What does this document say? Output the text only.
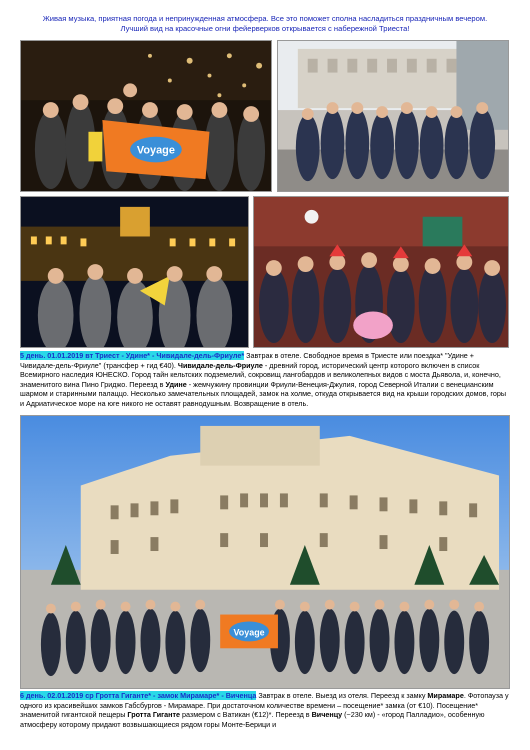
Живая музыка, приятная погода и непринужденная атмосфера. Все это поможет сполна насладиться праздничным вечером.
Лучший вид на красочные огни фейерверков открывается с набережной Триеста!
Voyage
5 день. 01.01.2019 вт Триест - Удине* - Чивидале-дель-Фриуле* Завтрак в отеле. Свободное время в Триесте или поездка* "Удине + Чивидале-дель-Фриуле" (трансфер + гид €40). Чивидале-дель-Фриуле - древний город, исторический центр которого включен в список Всемирного наследия ЮНЕСКО. Город тайн кельтских подземелий, сокровищ лангобардов и великолепных видов с моста Дьявола, и, конечно, знаменитого вина Пино Гриджо. Переезд в Удине - жемчужину провинции Фриули-Венеция-Джулия, город Северной Италии с венецианским шармом и старинными палаццо. Несколько замечательных площадей, замок на холме, откуда открывается вид на крыши городских домов, горы и Адриатическое море на юге никого не оставят равнодушным. Возвращение в отель.
Voyage
6 день. 02.01.2019 ср Гротта Гиганте* - замок Мирамаре* - Виченца Завтрак в отеле. Выезд из отеля. Переезд к замку Мирамаре. Фотопауза у одного из красивейших замков Габсбургов - Мирамаре. При достаточном количестве времени – посещение* замка (от €10). Посещение* знаменитой гигантской пещеры Гротта Гиганте размером с Ватикан (€12)*. Переезд в Виченцу (~230 км) - «город Палладио», особенную атмосферу которому придают возвышающиеся рядом горы Монте-Берици и
